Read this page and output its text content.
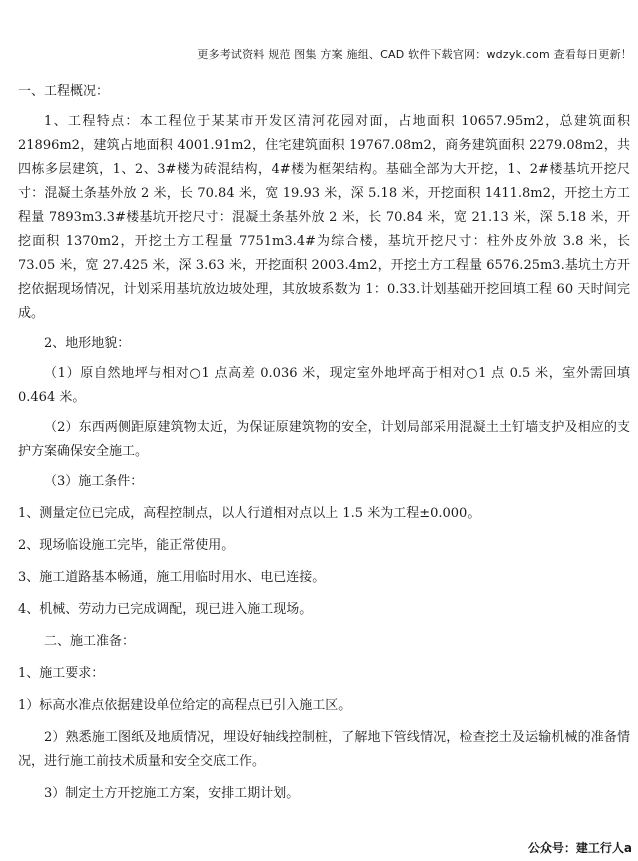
更多考试资料 规范 图集 方案 施组、CAD 软件下载官网：wdzyk.com 查看每日更新！

一、工程概况：

1、工程特点：本工程位于某某市开发区清河花园对面，占地面积 10657.95m2，总建筑面积 21896m2，建筑占地面积 4001.91m2，住宅建筑面积 19767.08m2，商务建筑面积 2279.08m2，共四栋多层建筑，1、2、3#楼为砖混结构，4#楼为框架结构。基础全部为大开挖，1、2#楼基坑开挖尺寸：混凝土条基外放 2 米，长 70.84 米，宽 19.93 米，深 5.18 米，开挖面积 1411.8m2，开挖土方工程量 7893m3.3#楼基坑开挖尺寸：混凝土条基外放 2 米，长 70.84 米，宽 21.13 米，深 5.18 米，开挖面积 1370m2，开挖土方工程量 7751m3.4#为综合楼，基坑开挖尺寸：柱外皮外放 3.8 米，长 73.05 米，宽 27.425 米，深 3.63 米，开挖面积 2003.4m2，开挖土方工程量 6576.25m3.基坑土方开挖依据现场情况，计划采用基坑放边坡处理，其放坡系数为 1：0.33.计划基础开挖回填工程 60 天时间完成。

2、地形地貌：

（1）原自然地坪与相对○1 点高差 0.036 米，现定室外地坪高于相对○1 点 0.5 米，室外需回填 0.464 米。

（2）东西两侧距原建筑物太近，为保证原建筑物的安全，计划局部采用混凝土土钉墙支护及相应的支护方案确保安全施工。

（3）施工条件：

1、测量定位已完成，高程控制点，以人行道相对点以上 1.5 米为工程±0.000。

2、现场临设施工完毕，能正常使用。

3、施工道路基本畅通，施工用临时用水、电已连接。

4、机械、劳动力已完成调配，现已进入施工现场。

二、施工准备：

1、施工要求：

1）标高水准点依据建设单位给定的高程点已引入施工区。

2）熟悉施工图纸及地质情况，埋设好轴线控制桩，了解地下管线情况，检查挖土及运输机械的准备情况，进行施工前技术质量和安全交底工作。

3）制定土方开挖施工方案，安排工期计划。

公众号：建工行人a
